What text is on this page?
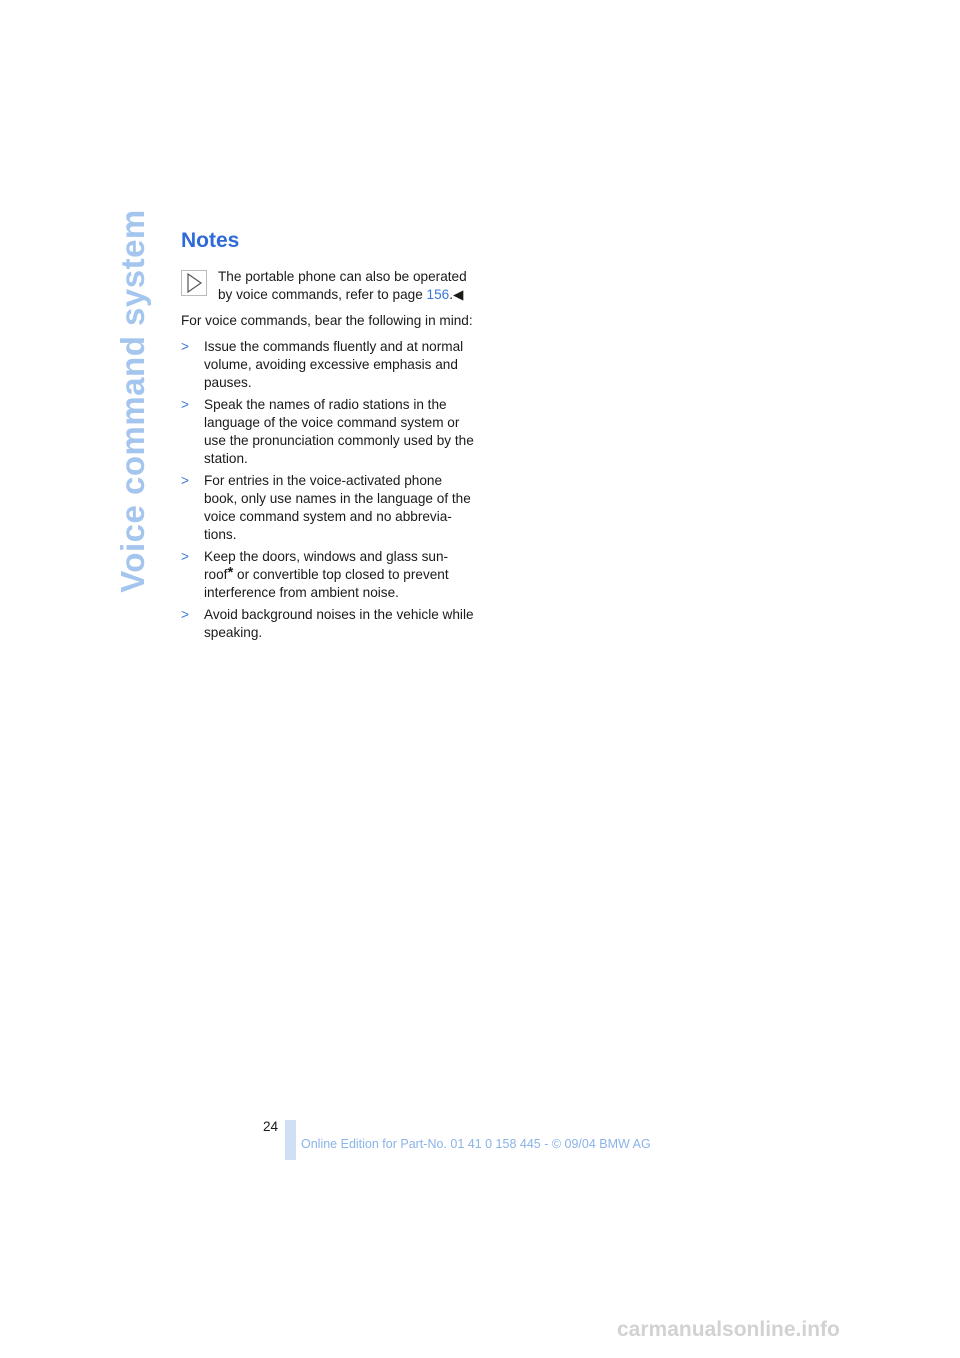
Voice command system Notes
The portable phone can also be operated by voice commands, refer to page 156.◀

For voice commands, bear the following in mind:

> Issue the commands fluently and at normal volume, avoiding excessive emphasis and pauses.
> Speak the names of radio stations in the language of the voice command system or use the pronunciation commonly used by the station.
> For entries in the voice-activated phone book, only use names in the language of the voice command system and no abbrevia-tions.
> Keep the doors, windows and glass sun-roof* or convertible top closed to prevent interference from ambient noise.
> Avoid background noises in the vehicle while speaking.
24
Online Edition for Part-No. 01 41 0 158 445 - © 09/04 BMW AG
carmanualsonline.info
